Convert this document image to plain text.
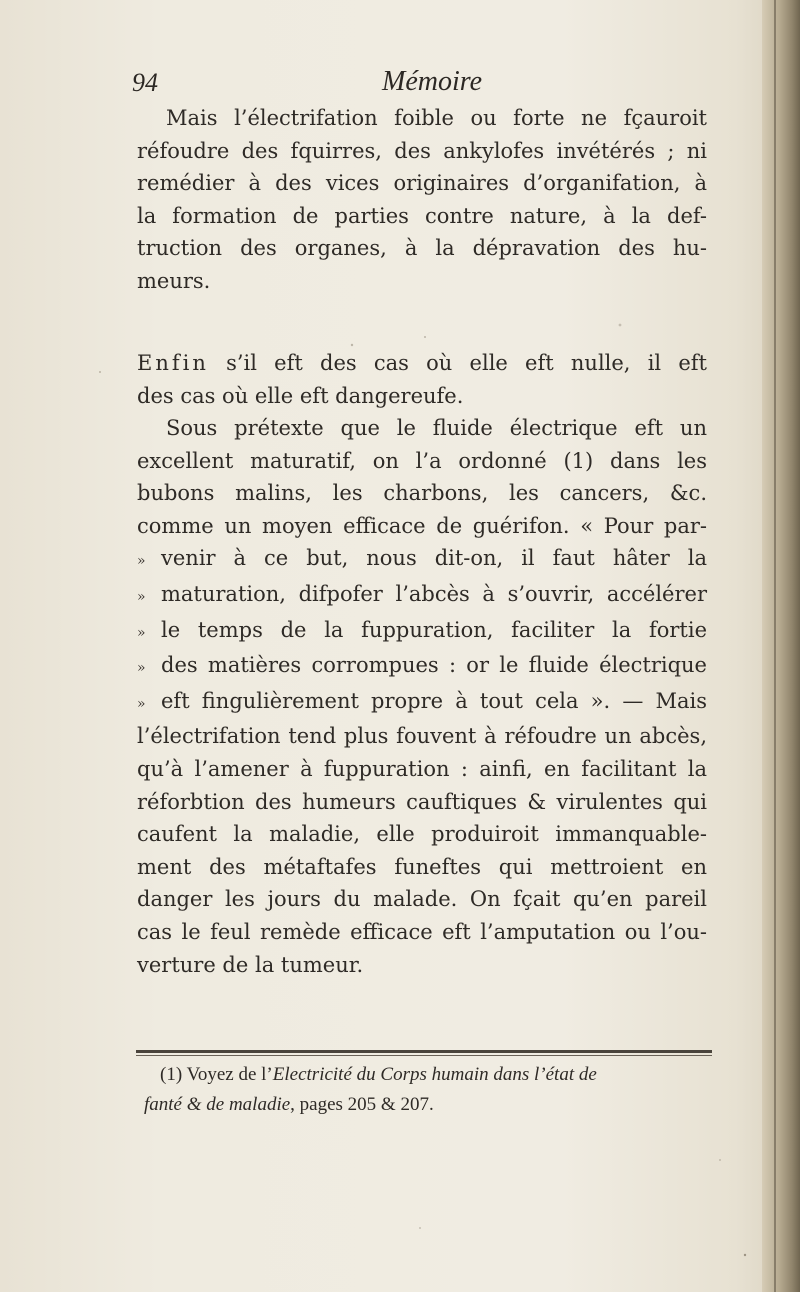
94	Mémoire
Mais l’électrifation foible ou forte ne fçauroit
réfoudre des fquirres, des ankylofes invétérés ; ni
remédier à des vices originaires d’organifation, à
la formation de parties contre nature, à la def-
truction des organes, à la dépravation des hu-
meurs.
Enfin s’il eft des cas où elle eft nulle, il eft
des cas où elle eft dangereufe.
Sous prétexte que le fluide électrique eft un
excellent maturatif, on l’a ordonné (1) dans les
bubons malins, les charbons, les cancers, &c.
comme un moyen efficace de guérifon. « Pour par-
» venir à ce but, nous dit-on, il faut hâter la
» maturation, difpofer l’abcès à s’ouvrir, accélérer
» le temps de la fuppuration, faciliter la fortie
» des matières corrompues : or le fluide électrique
» eft fingulièrement propre à tout cela ». — Mais
l’électrifation tend plus fouvent à réfoudre un abcès,
qu’à l’amener à fuppuration : ainfi, en facilitant la
réforbtion des humeurs cauftiques & virulentes qui
caufent la maladie, elle produiroit immanquable-
ment des métaftafes funeftes qui mettroient en
danger les jours du malade. On fçait qu’en pareil
cas le feul remède efficace eft l’amputation ou l’ou-
verture de la tumeur.
(1) Voyez de l’Electricité du Corps humain dans l’état de
fanté & de maladie, pages 205 & 207.
